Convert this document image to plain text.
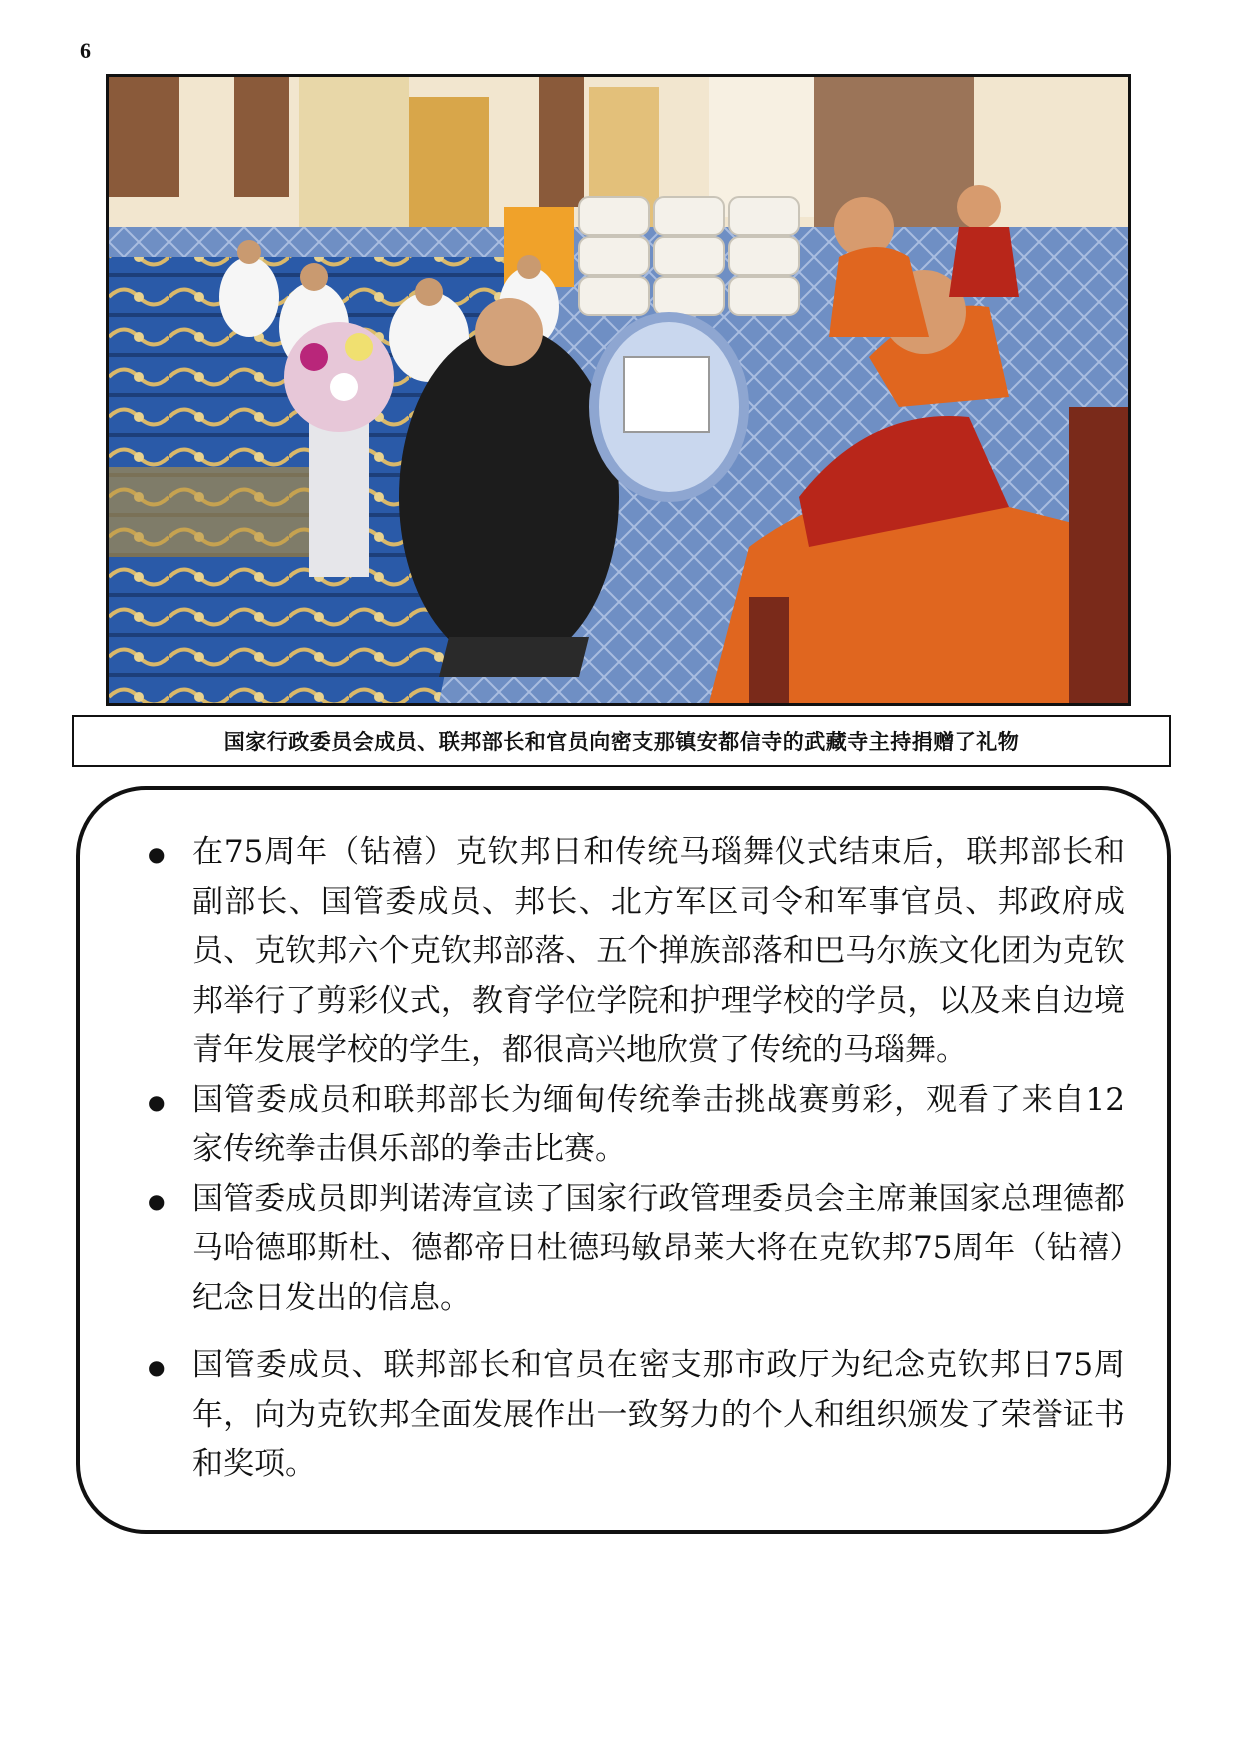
6
国家行政委员会成员、联邦部长和官员向密支那镇安都信寺的武藏寺主持捐赠了礼物
● 在75周年（钻禧）克钦邦日和传统马瑙舞仪式结束后，联邦部长和副部长、国管委成员、邦长、北方军区司令和军事官员、邦政府成员、克钦邦六个克钦邦部落、五个掸族部落和巴马尔族文化团为克钦邦举行了剪彩仪式，教育学位学院和护理学校的学员，以及来自边境青年发展学校的学生，都很高兴地欣赏了传统的马瑙舞。
● 国管委成员和联邦部长为缅甸传统拳击挑战赛剪彩，观看了来自12家传统拳击俱乐部的拳击比赛。
● 国管委成员即判诺涛宣读了国家行政管理委员会主席兼国家总理德都马哈德耶斯杜、德都帝日杜德玛敏昂莱大将在克钦邦75周年（钻禧）纪念日发出的信息。
● 国管委成员、联邦部长和官员在密支那市政厅为纪念克钦邦日75周年，向为克钦邦全面发展作出一致努力的个人和组织颁发了荣誉证书和奖项。
